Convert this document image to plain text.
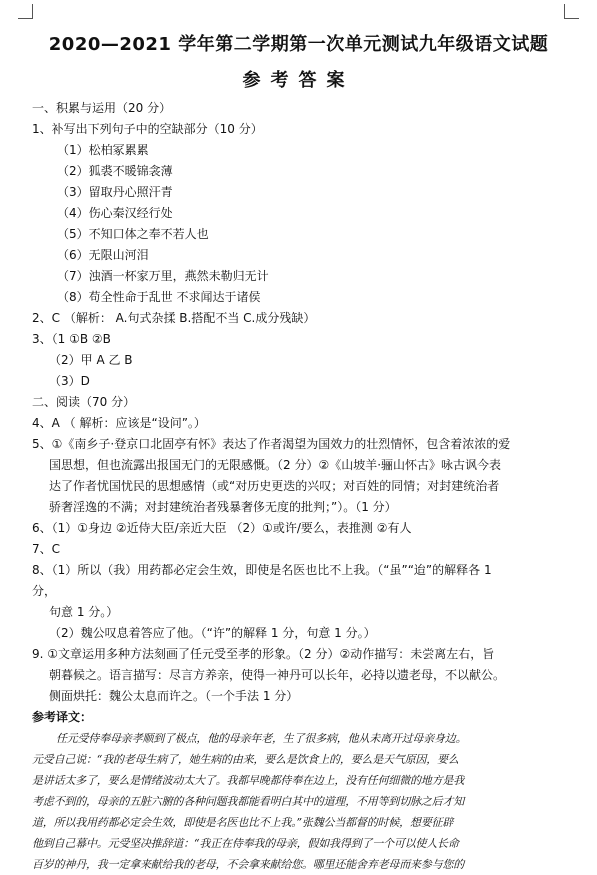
2020—2021 学年第二学期第一次单元测试九年级语文试题
参考答案
一、积累与运用（20 分）
1、补写出下列句子中的空缺部分（10 分）
（1）松柏冢累累
（2）狐裘不暖锦衾薄
（3）留取丹心照汗青
（4）伤心秦汉经行处
（5）不知口体之奉不若人也
（6）无限山河泪
（7）浊酒一杯家万里，燕然未勒归无计
（8）苟全性命于乱世 不求闻达于诸侯
2、C （解析： A.句式杂揉 B.搭配不当 C.成分残缺）
3、（1 ①B ②B
（2）甲 A 乙 B
（3）D
二、阅读（70 分）
4、A （ 解析：应该是“设问”。）
5、①《南乡子·登京口北固亭有怀》表达了作者渴望为国效力的壮烈情怀，包含着浓浓的爱
国思想，但也流露出报国无门的无限感慨。（2 分）②《山坡羊·骊山怀古》咏古讽今表
达了作者忧国忧民的思想感情（或“对历史更迭的兴叹；对百姓的同情；对封建统治者
骄奢淫逸的不满；对封建统治者残暴奢侈无度的批判；”）。（1 分）
6、（1）①身边 ②近侍大臣/亲近大臣 （2）①或许/要么，表推测 ②有人
7、C
8、（1）所以（我）用药都必定会生效，即使是名医也比不上我。（“虽”“迨”的解释各 1
分，
句意 1 分。）
（2）魏公叹息着答应了他。（“许”的解释 1 分，句意 1 分。）
9. ①文章运用多种方法刻画了任元受至孝的形象。（2 分）②动作描写：未尝离左右，旨
朝暮候之。语言描写：尽言方养亲，使得一神丹可以长年，必持以遗老母，不以献公。
侧面烘托：魏公太息而许之。（一个手法 1 分）
参考译文：
任元受侍奉母亲孝顺到了极点，他的母亲年老，生了很多病，他从未离开过母亲身边。
元受自己说：“我的老母生病了，她生病的由来，要么是饮食上的，要么是天气原因，要么
是讲话太多了，要么是情绪波动太大了。我都早晚都侍奉在边上，没有任何细微的地方是我
考虑不到的，母亲的五脏六腑的各种问题我都能看明白其中的道理，不用等到切脉之后才知
道，所以我用药都必定会生效，即使是名医也比不上我。”张魏公当都督的时候，想要征辟
他到自己幕中。元受坚决推辞道：“我正在侍奉我的母亲，假如我得到了一个可以使人长命
百岁的神丹，我一定拿来献给我的老母，不会拿来献给您。哪里还能舍弃老母而来参与您的
